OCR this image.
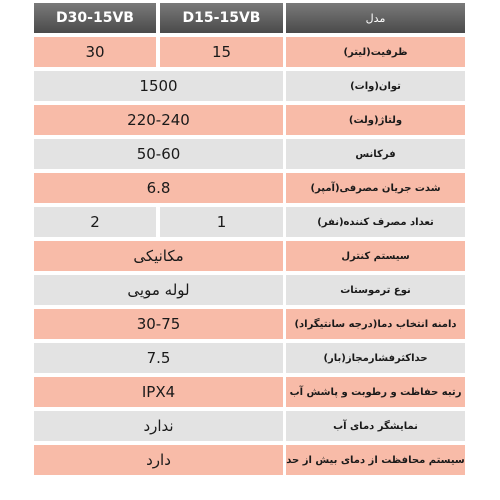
D30-15VB	D15-15VB	مدل
30	15	ظرفیت(لیتر)
1500	توان(وات)
220-240	ولتاژ(ولت)
50-60	فرکانس
6.8	شدت جریان مصرفی(آمپر)
2	1	تعداد مصرف کننده(نفر)
مکانیکی	سیستم کنترل
لوله مویی	نوع ترموستات
30-75	دامنه انتخاب دما(درجه سانتیگراد)
7.5	حداکثرفشارمجاز(بار)
IPX4	رتبه حفاظت و رطوبت و پاشش آب
ندارد	نمایشگر دمای آب
دارد	سیستم محافظت از دمای بیش از حد
